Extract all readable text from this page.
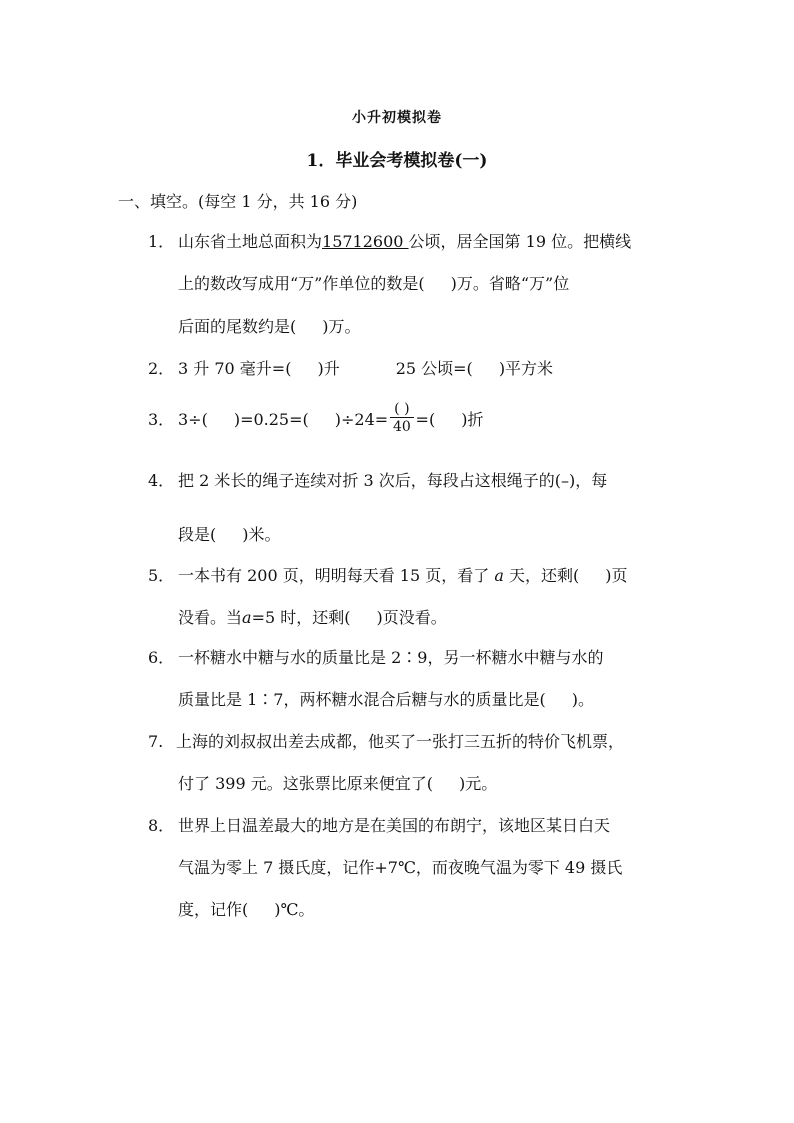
小升初模拟卷
1．毕业会考模拟卷(一)
一、填空。(每空 1 分，共 16 分)
1． 山东省土地总面积为15712600 公顷，居全国第 19 位。把横线
上的数改写成用“万”作单位的数是( )万。省略“万”位
后面的尾数约是( )万。
2． 3 升 70 毫升=( )升	25 公顷=( )平方米
3． 3÷( )=0.25=( )$\div 24= \frac{( )}{40}$ =( )折
4． 把 2 米长的绳子连续对折 3 次后，每段占这根绳子的(–)，每
段是( )米。
5． 一本书有 200 页，明明每天看 15 页，看了 a 天，还剩( )页
没看。当a=5 时，还剩( )页没看。
6． 一杯糖水中糖与水的质量比是 2∶9，另一杯糖水中糖与水的
质量比是 1∶7，两杯糖水混合后糖与水的质量比是( )。
7. 上海的刘叔叔出差去成都，他买了一张打三五折的特价飞机票，
付了 399 元。这张票比原来便宜了( )元。
8． 世界上日温差最大的地方是在美国的布朗宁，该地区某日白天
气温为零上 7 摄氏度，记作+7℃，而夜晚气温为零下 49 摄氏
度，记作( )℃。
